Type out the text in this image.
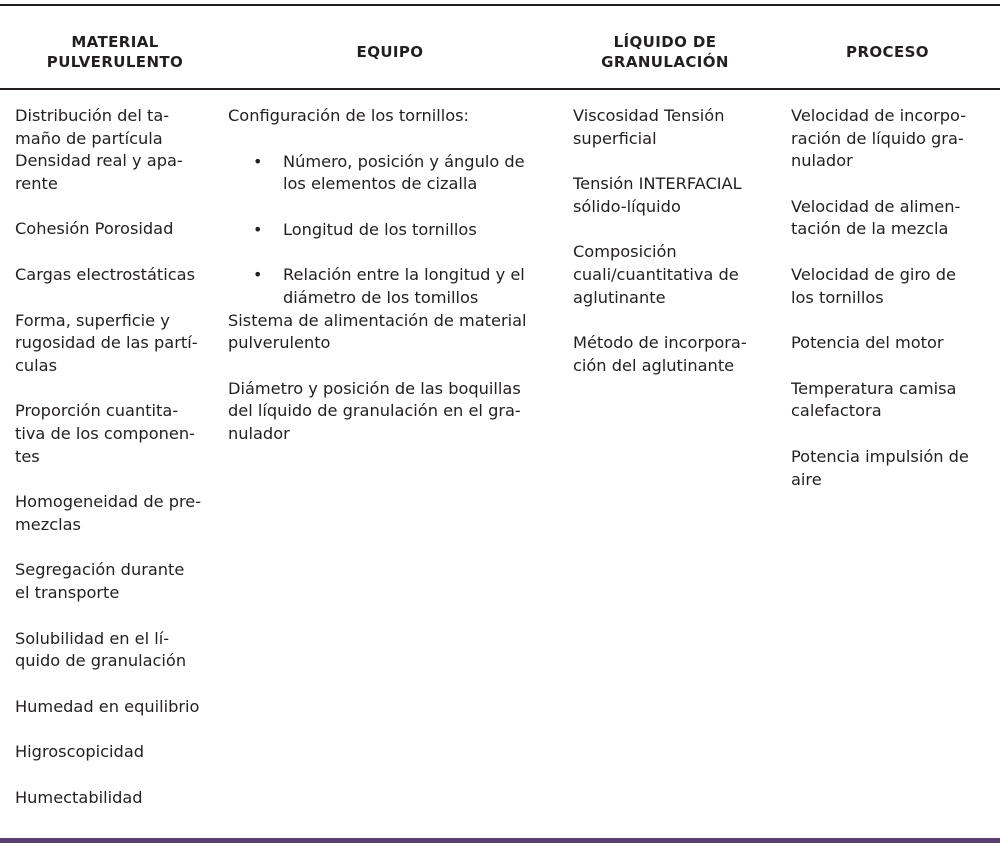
MATERIAL
PULVERULENTO
EQUIPO
LÍQUIDO DE
GRANULACIÓN
PROCESO
Distribución del ta-
maño de partícula
Densidad real y apa-
rente
Cohesión Porosidad
Cargas electrostáticas
Forma, superficie y
rugosidad de las partí-
culas
Proporción cuantita-
tiva de los componen-
tes
Homogeneidad de pre-
mezclas
Segregación durante
el transporte
Solubilidad en el lí-
quido de granulación
Humedad en equilibrio
Higroscopicidad
Humectabilidad
Configuración de los tornillos:
• Número, posición y ángulo de
los elementos de cizalla
• Longitud de los tornillos
• Relación entre la longitud y el
diámetro de los tomillos
Sistema de alimentación de material
pulverulento
Diámetro y posición de las boquillas
del líquido de granulación en el gra-
nulador
Viscosidad Tensión
superficial
Tensión INTERFACIAL
sólido-líquido
Composición
cuali/cuantitativa de
aglutinante
Método de incorpora-
ción del aglutinante
Velocidad de incorpo-
ración de líquido gra-
nulador
Velocidad de alimen-
tación de la mezcla
Velocidad de giro de
los tornillos
Potencia del motor
Temperatura camisa
calefactora
Potencia impulsión de
aire
